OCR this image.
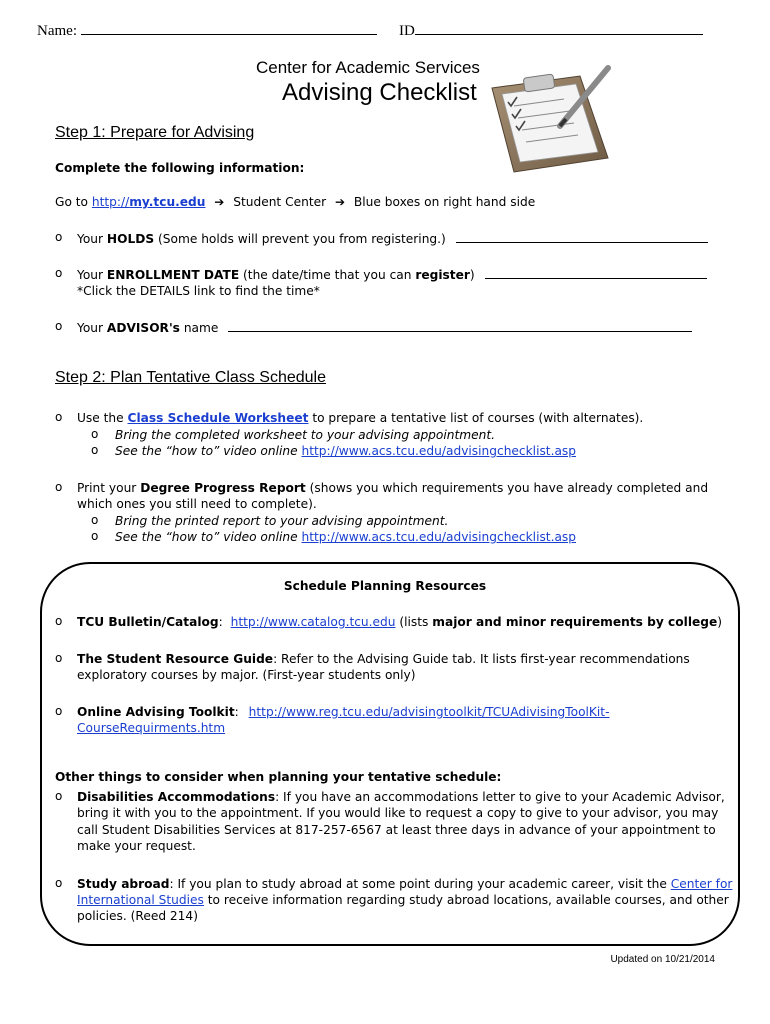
Name:	ID
Center for Academic Services
Advising Checklist
Step 1: Prepare for Advising
Complete the following information:
Go to http://my.tcu.edu ➔ Student Center ➔ Blue boxes on right hand side
o Your HOLDS (Some holds will prevent you from registering.)
o Your ENROLLMENT DATE (the date/time that you can register)
*Click the DETAILS link to find the time*
o Your ADVISOR's name
Step 2: Plan Tentative Class Schedule
o Use the Class Schedule Worksheet to prepare a tentative list of courses (with alternates).
o Bring the completed worksheet to your advising appointment.
o See the “how to” video online http://www.acs.tcu.edu/advisingchecklist.asp
o Print your Degree Progress Report (shows you which requirements you have already completed and
which ones you still need to complete).
o Bring the printed report to your advising appointment.
o See the “how to” video online http://www.acs.tcu.edu/advisingchecklist.asp
Schedule Planning Resources
o TCU Bulletin/Catalog: http://www.catalog.tcu.edu (lists major and minor requirements by college)
o The Student Resource Guide: Refer to the Advising Guide tab. It lists first-year recommendations
exploratory courses by major. (First-year students only)
o Online Advising Toolkit: http://www.reg.tcu.edu/advisingtoolkit/TCUAdivisingToolKit-
CourseRequirments.htm
Other things to consider when planning your tentative schedule:
o Disabilities Accommodations: If you have an accommodations letter to give to your Academic Advisor,
bring it with you to the appointment. If you would like to request a copy to give to your advisor, you may
call Student Disabilities Services at 817-257-6567 at least three days in advance of your appointment to
make your request.
o Study abroad: If you plan to study abroad at some point during your academic career, visit the Center for
International Studies to receive information regarding study abroad locations, available courses, and other
policies. (Reed 214)
Updated on 10/21/2014
